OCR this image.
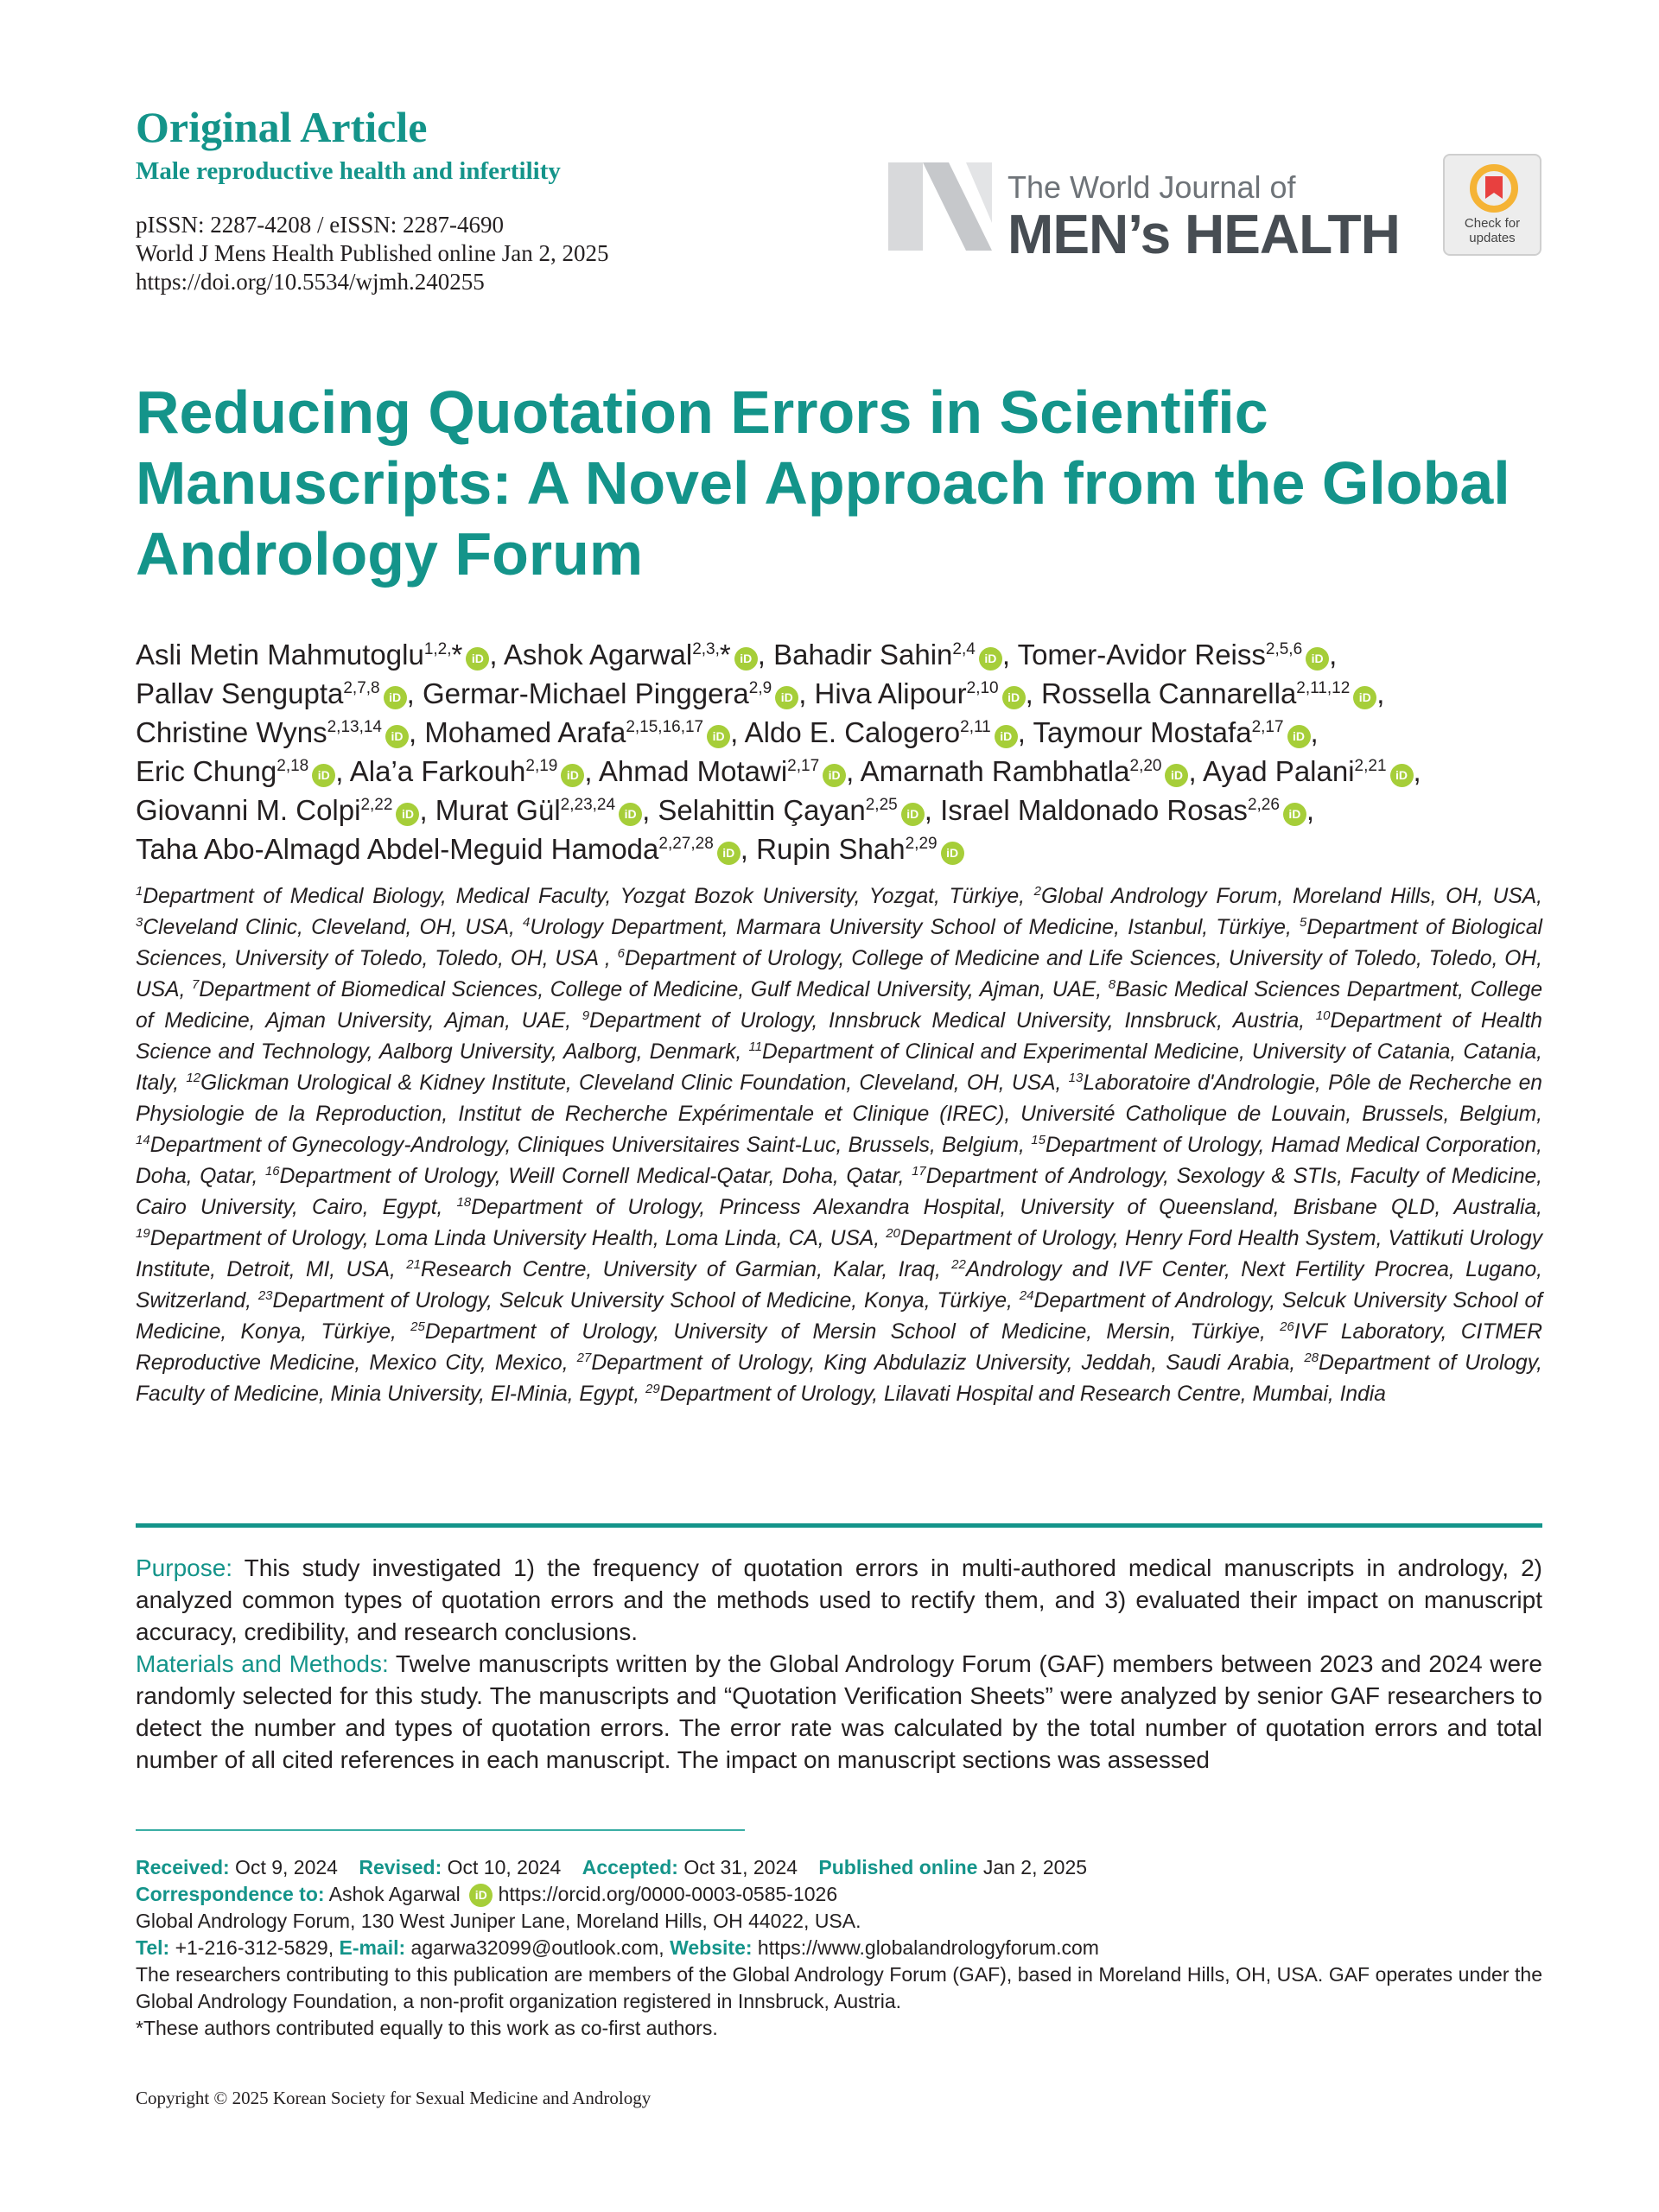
Original Article
Male reproductive health and infertility
pISSN: 2287-4208 / eISSN: 2287-4690
World J Mens Health Published online Jan 2, 2025
https://doi.org/10.5534/wjmh.240255
The World Journal of
MEN’s HEALTH	Check for updates
Reducing Quotation Errors in Scientific
Manuscripts: A Novel Approach from the Global
Andrology Forum
Asli Metin Mahmutoglu$^{1,2,}$* iD , Ashok Agarwal$^{2,3,}$* iD , Bahadir Sahin$^{2,4}$ iD , Tomer-Avidor Reiss$^{2,5,6}$ iD ,
Pallav Sengupta$^{2,7,8}$ iD , Germar-Michael Pinggera$^{2,9}$ iD , Hiva Alipour$^{2,10}$ iD , Rossella Cannarella$^{2,11,12}$ iD ,
Christine Wyns$^{2,13,14}$ iD , Mohamed Arafa$^{2,15,16,17}$ iD , Aldo E. Calogero$^{2,11}$ iD , Taymour Mostafa$^{2,17}$ iD ,
Eric Chung$^{2,18}$ iD , Ala’a Farkouh$^{2,19}$ iD , Ahmad Motawi$^{2,17}$ iD , Amarnath Rambhatla$^{2,20}$ iD , Ayad Palani$^{2,21}$ iD ,
Giovanni M. Colpi$^{2,22}$ iD , Murat Gül$^{2,23,24}$ iD , Selahittin Çayan$^{2,25}$ iD , Israel Maldonado Rosas$^{2,26}$ iD ,
Taha Abo-Almagd Abdel-Meguid Hamoda$^{2,27,28}$ iD , Rupin Shah$^{2,29}$ iD
$^1$Department of Medical Biology, Medical Faculty, Yozgat Bozok University, Yozgat, Türkiye, $^2$Global Andrology Forum, Moreland Hills, OH, USA, $^3$Cleveland Clinic, Cleveland, OH, USA, $^4$Urology Department, Marmara University School of Medicine, Istanbul, Türkiye, $^5$Department of Biological Sciences, University of Toledo, Toledo, OH, USA , $^6$Department of Urology, College of Medicine and Life Sciences, University of Toledo, Toledo, OH, USA, $^7$Department of Biomedical Sciences, College of Medicine, Gulf Medical University, Ajman, UAE, $^8$Basic Medical Sciences Department, College of Medicine, Ajman University, Ajman, UAE, $^9$Department of Urology, Innsbruck Medical University, Innsbruck, Austria, $^{10}$Department of Health Science and Technology, Aalborg University, Aalborg, Denmark, $^{11}$Department of Clinical and Experimental Medicine, University of Catania, Catania, Italy, $^{12}$Glickman Urological & Kidney Institute, Cleveland Clinic Foundation, Cleveland, OH, USA, $^{13}$Laboratoire d'Andrologie, Pôle de Recherche en Physiologie de la Reproduction, Institut de Recherche Expérimentale et Clinique (IREC), Université Catholique de Louvain, Brussels, Belgium, $^{14}$Department of Gynecology-Andrology, Cliniques Universitaires Saint-Luc, Brussels, Belgium, $^{15}$Department of Urology, Hamad Medical Corporation, Doha, Qatar, $^{16}$Department of Urology, Weill Cornell Medical-Qatar, Doha, Qatar, $^{17}$Department of Andrology, Sexology & STIs, Faculty of Medicine, Cairo University, Cairo, Egypt, $^{18}$Department of Urology, Princess Alexandra Hospital, University of Queensland, Brisbane QLD, Australia, $^{19}$Department of Urology, Loma Linda University Health, Loma Linda, CA, USA, $^{20}$Department of Urology, Henry Ford Health System, Vattikuti Urology Institute, Detroit, MI, USA, $^{21}$Research Centre, University of Garmian, Kalar, Iraq, $^{22}$Andrology and IVF Center, Next Fertility Procrea, Lugano, Switzerland, $^{23}$Department of Urology, Selcuk University School of Medicine, Konya, Türkiye, $^{24}$Department of Andrology, Selcuk University School of Medicine, Konya, Türkiye, $^{25}$Department of Urology, University of Mersin School of Medicine, Mersin, Türkiye, $^{26}$IVF Laboratory, CITMER Reproductive Medicine, Mexico City, Mexico, $^{27}$Department of Urology, King Abdulaziz University, Jeddah, Saudi Arabia, $^{28}$Department of Urology, Faculty of Medicine, Minia University, El-Minia, Egypt, $^{29}$Department of Urology, Lilavati Hospital and Research Centre, Mumbai, India

Purpose: This study investigated 1) the frequency of quotation errors in multi-authored medical manuscripts in andrology, 2) analyzed common types of quotation errors and the methods used to rectify them, and 3) evaluated their impact on manuscript accuracy, credibility, and research conclusions.

Materials and Methods: Twelve manuscripts written by the Global Andrology Forum (GAF) members between 2023 and 2024 were randomly selected for this study. The manuscripts and “Quotation Verification Sheets” were analyzed by senior GAF researchers to detect the number and types of quotation errors. The error rate was calculated by the total number of quotation errors and total number of all cited references in each manuscript. The impact on manuscript sections was assessed

Received: Oct 9, 2024 Revised: Oct 10, 2024 Accepted: Oct 31, 2024 Published online Jan 2, 2025
Correspondence to: Ashok Agarwal iD https://orcid.org/0000-0003-0585-1026
Global Andrology Forum, 130 West Juniper Lane, Moreland Hills, OH 44022, USA.
Tel: +1-216-312-5829, E-mail: agarwa32099@outlook.com, Website: https://www.globalandrologyforum.com
The researchers contributing to this publication are members of the Global Andrology Forum (GAF), based in Moreland Hills, OH, USA. GAF operates under the Global Andrology Foundation, a non-profit organization registered in Innsbruck, Austria.
*These authors contributed equally to this work as co-first authors.
Copyright © 2025 Korean Society for Sexual Medicine and Andrology
